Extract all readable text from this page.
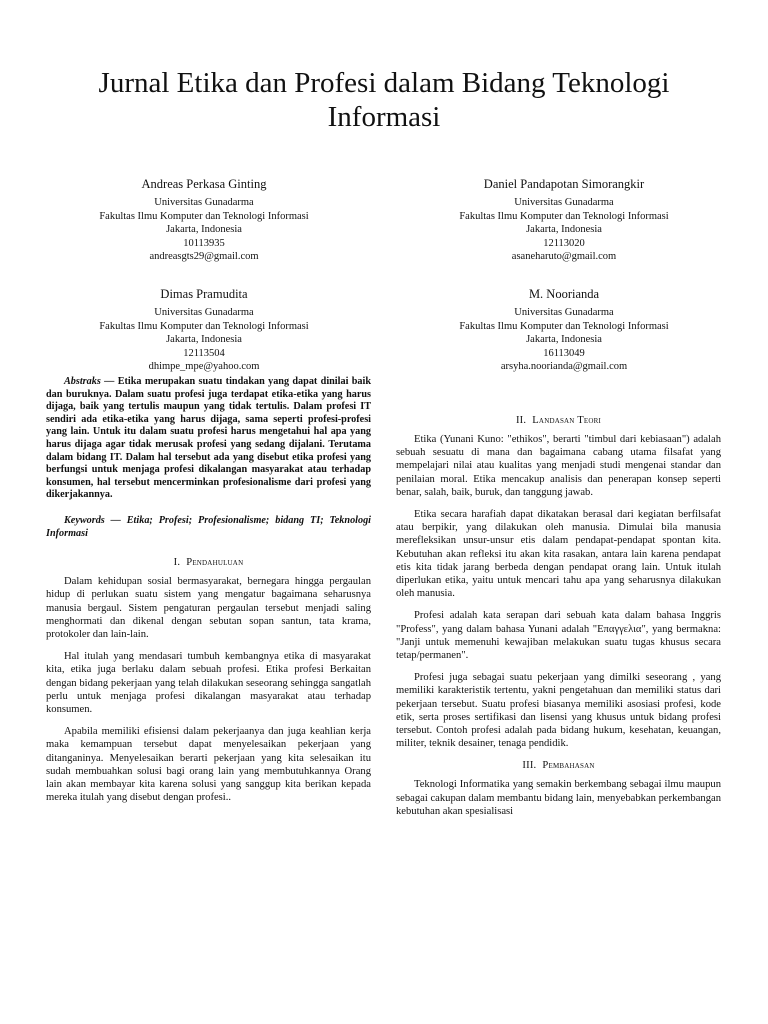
Jurnal Etika dan Profesi dalam Bidang Teknologi Informasi
Andreas Perkasa Ginting
Universitas Gunadarma
Fakultas Ilmu Komputer dan Teknologi Informasi
Jakarta, Indonesia
10113935
andreasgts29@gmail.com
Daniel Pandapotan Simorangkir
Universitas Gunadarma
Fakultas Ilmu Komputer dan Teknologi Informasi
Jakarta, Indonesia
12113020
asaneharuto@gmail.com
Dimas Pramudita
Universitas Gunadarma
Fakultas Ilmu Komputer dan Teknologi Informasi
Jakarta, Indonesia
12113504
dhimpe_mpe@yahoo.com
M. Noorianda
Universitas Gunadarma
Fakultas Ilmu Komputer dan Teknologi Informasi
Jakarta, Indonesia
16113049
arsyha.noorianda@gmail.com

Abstraks — Etika merupakan suatu tindakan yang dapat dinilai baik dan buruknya. Dalam suatu profesi juga terdapat etika-etika yang harus dijaga, baik yang tertulis maupun yang tidak tertulis. Dalam profesi IT sendiri ada etika-etika yang harus dijaga, sama seperti profesi-profesi yang lain. Untuk itu dalam suatu profesi harus mengetahui hal apa yang harus dijaga agar tidak merusak profesi yang sedang dijalani. Terutama dalam bidang IT. Dalam hal tersebut ada yang disebut etika profesi yang berfungsi untuk menjaga profesi dikalangan masyarakat atau terhadap konsumen, hal tersebut mencerminkan profesionalisme dari profesi yang dikerjakannya.

Keywords — Etika; Profesi; Profesionalisme; bidang TI; Teknologi Informasi

I. Pendahuluan

Dalam kehidupan sosial bermasyarakat, bernegara hingga pergaulan hidup di perlukan suatu sistem yang mengatur bagaimana seharusnya manusia bergaul. Sistem pengaturan pergaulan tersebut menjadi saling menghormati dan dikenal dengan sebutan sopan santun, tata krama, protokoler dan lain-lain.

Hal itulah yang mendasari tumbuh kembangnya etika di masyarakat kita, etika juga berlaku dalam sebuah profesi. Etika profesi Berkaitan dengan bidang pekerjaan yang telah dilakukan seseorang sehingga sangatlah perlu untuk menjaga profesi dikalangan masyarakat atau terhadap konsumen.

Apabila memiliki efisiensi dalam pekerjaanya dan juga keahlian kerja maka kemampuan tersebut dapat menyelesaikan pekerjaan yang ditanganinya. Menyelesaikan berarti pekerjaan yang kita selesaikan itu sudah membuahkan solusi bagi orang lain yang membutuhkannya Orang lain akan membayar kita karena solusi yang sanggup kita berikan kepada mereka itulah yang disebut dengan profesi..

II. Landasan Teori

Etika (Yunani Kuno: "ethikos", berarti "timbul dari kebiasaan") adalah sebuah sesuatu di mana dan bagaimana cabang utama filsafat yang mempelajari nilai atau kualitas yang menjadi studi mengenai standar dan penilaian moral. Etika mencakup analisis dan penerapan konsep seperti benar, salah, baik, buruk, dan tanggung jawab.

Etika secara harafiah dapat dikatakan berasal dari kegiatan berfilsafat atau berpikir, yang dilakukan oleh manusia. Dimulai bila manusia merefleksikan unsur-unsur etis dalam pendapat-pendapat spontan kita. Kebutuhan akan refleksi itu akan kita rasakan, antara lain karena pendapat etis kita tidak jarang berbeda dengan pendapat orang lain. Untuk itulah diperlukan etika, yaitu untuk mencari tahu apa yang seharusnya dilakukan oleh manusia.

Profesi adalah kata serapan dari sebuah kata dalam bahasa Inggris "Profess", yang dalam bahasa Yunani adalah "Επαγγελια", yang bermakna: "Janji untuk memenuhi kewajiban melakukan suatu tugas khusus secara tetap/permanen".

Profesi juga sebagai suatu pekerjaan yang dimilki seseorang , yang memiliki karakteristik tertentu, yakni pengetahuan dan memiliki status dari pekerjaan tersebut. Suatu profesi biasanya memiliki asosiasi profesi, kode etik, serta proses sertifikasi dan lisensi yang khusus untuk bidang profesi tersebut. Contoh profesi adalah pada bidang hukum, kesehatan, keuangan, militer, teknik desainer, tenaga pendidik.

III. Pembahasan

Teknologi Informatika yang semakin berkembang sebagai ilmu maupun sebagai cakupan dalam membantu bidang lain, menyebabkan perkembangan kebutuhan akan spesialisasi
